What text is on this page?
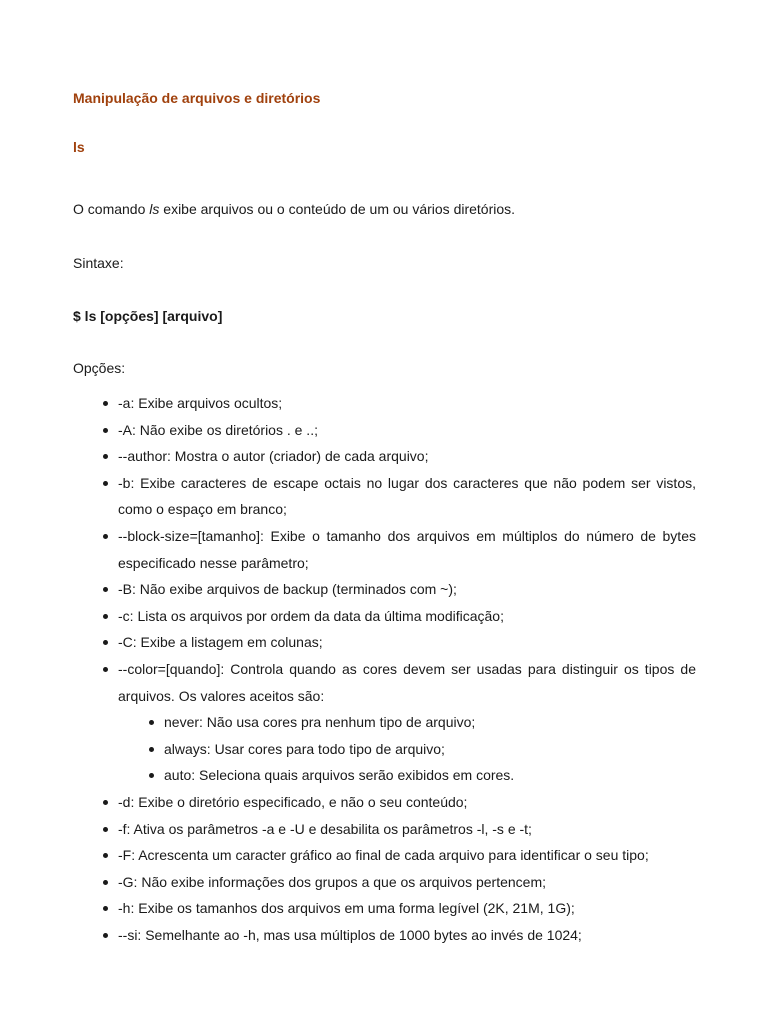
Manipulação de arquivos e diretórios
ls

O comando ls exibe arquivos ou o conteúdo de um ou vários diretórios.

Sintaxe:

$ ls [opções] [arquivo]

Opções:

-a: Exibe arquivos ocultos;
-A: Não exibe os diretórios . e ..;
--author: Mostra o autor (criador) de cada arquivo;
-b: Exibe caracteres de escape octais no lugar dos caracteres que não podem ser vistos, como o espaço em branco;
--block-size=[tamanho]: Exibe o tamanho dos arquivos em múltiplos do número de bytes especificado nesse parâmetro;
-B: Não exibe arquivos de backup (terminados com ~);
-c: Lista os arquivos por ordem da data da última modificação;
-C: Exibe a listagem em colunas;
--color=[quando]: Controla quando as cores devem ser usadas para distinguir os tipos de arquivos. Os valores aceitos são:
never: Não usa cores pra nenhum tipo de arquivo;
always: Usar cores para todo tipo de arquivo;
auto: Seleciona quais arquivos serão exibidos em cores.
-d: Exibe o diretório especificado, e não o seu conteúdo;
-f: Ativa os parâmetros -a e -U e desabilita os parâmetros -l, -s e -t;
-F: Acrescenta um caracter gráfico ao final de cada arquivo para identificar o seu tipo;
-G: Não exibe informações dos grupos a que os arquivos pertencem;
-h: Exibe os tamanhos dos arquivos em uma forma legível (2K, 21M, 1G);
--si: Semelhante ao -h, mas usa múltiplos de 1000 bytes ao invés de 1024;
